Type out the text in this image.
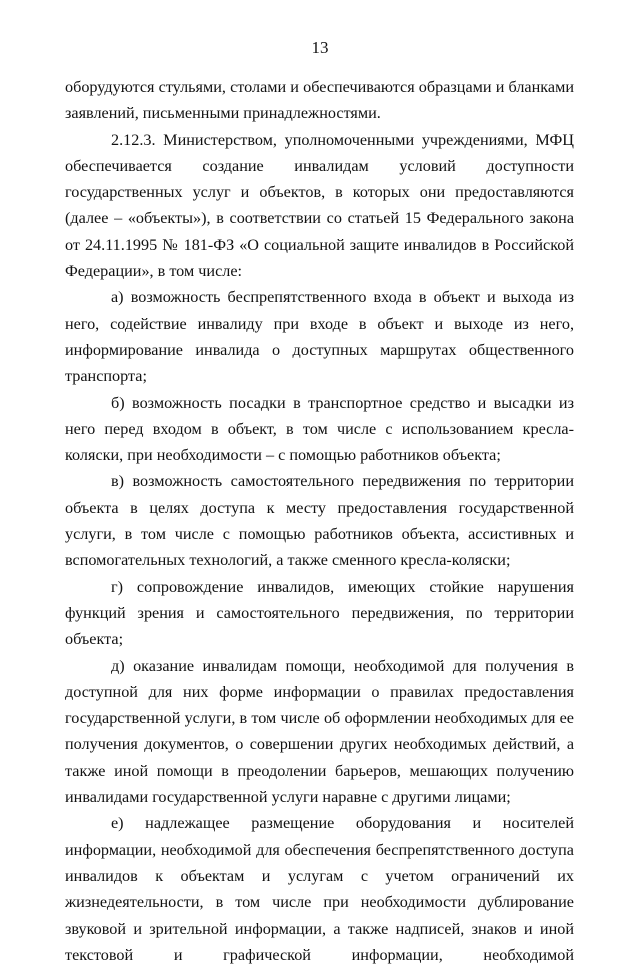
13

оборудуются стульями, столами и обеспечиваются образцами и бланками заявлений, письменными принадлежностями.

2.12.3. Министерством, уполномоченными учреждениями, МФЦ обеспечивается создание инвалидам условий доступности государственных услуг и объектов, в которых они предоставляются (далее – «объекты»), в соответствии со статьей 15 Федерального закона от 24.11.1995 № 181-ФЗ «О социальной защите инвалидов в Российской Федерации», в том числе:

а) возможность беспрепятственного входа в объект и выхода из него, содействие инвалиду при входе в объект и выходе из него, информирование инвалида о доступных маршрутах общественного транспорта;

б) возможность посадки в транспортное средство и высадки из него перед входом в объект, в том числе с использованием кресла-коляски, при необходимости – с помощью работников объекта;

в) возможность самостоятельного передвижения по территории объекта в целях доступа к месту предоставления государственной услуги, в том числе с помощью работников объекта, ассистивных и вспомогательных технологий, а также сменного кресла-коляски;

г) сопровождение инвалидов, имеющих стойкие нарушения функций зрения и самостоятельного передвижения, по территории объекта;

д) оказание инвалидам помощи, необходимой для получения в доступной для них форме информации о правилах предоставления государственной услуги, в том числе об оформлении необходимых для ее получения документов, о совершении других необходимых действий, а также иной помощи в преодолении барьеров, мешающих получению инвалидами государственной услуги наравне с другими лицами;

е) надлежащее размещение оборудования и носителей информации, необходимой для обеспечения беспрепятственного доступа инвалидов к объектам и услугам с учетом ограничений их жизнедеятельности, в том числе при необходимости дублирование звуковой и зрительной информации, а также надписей, знаков и иной текстовой и графической информации, необходимой
